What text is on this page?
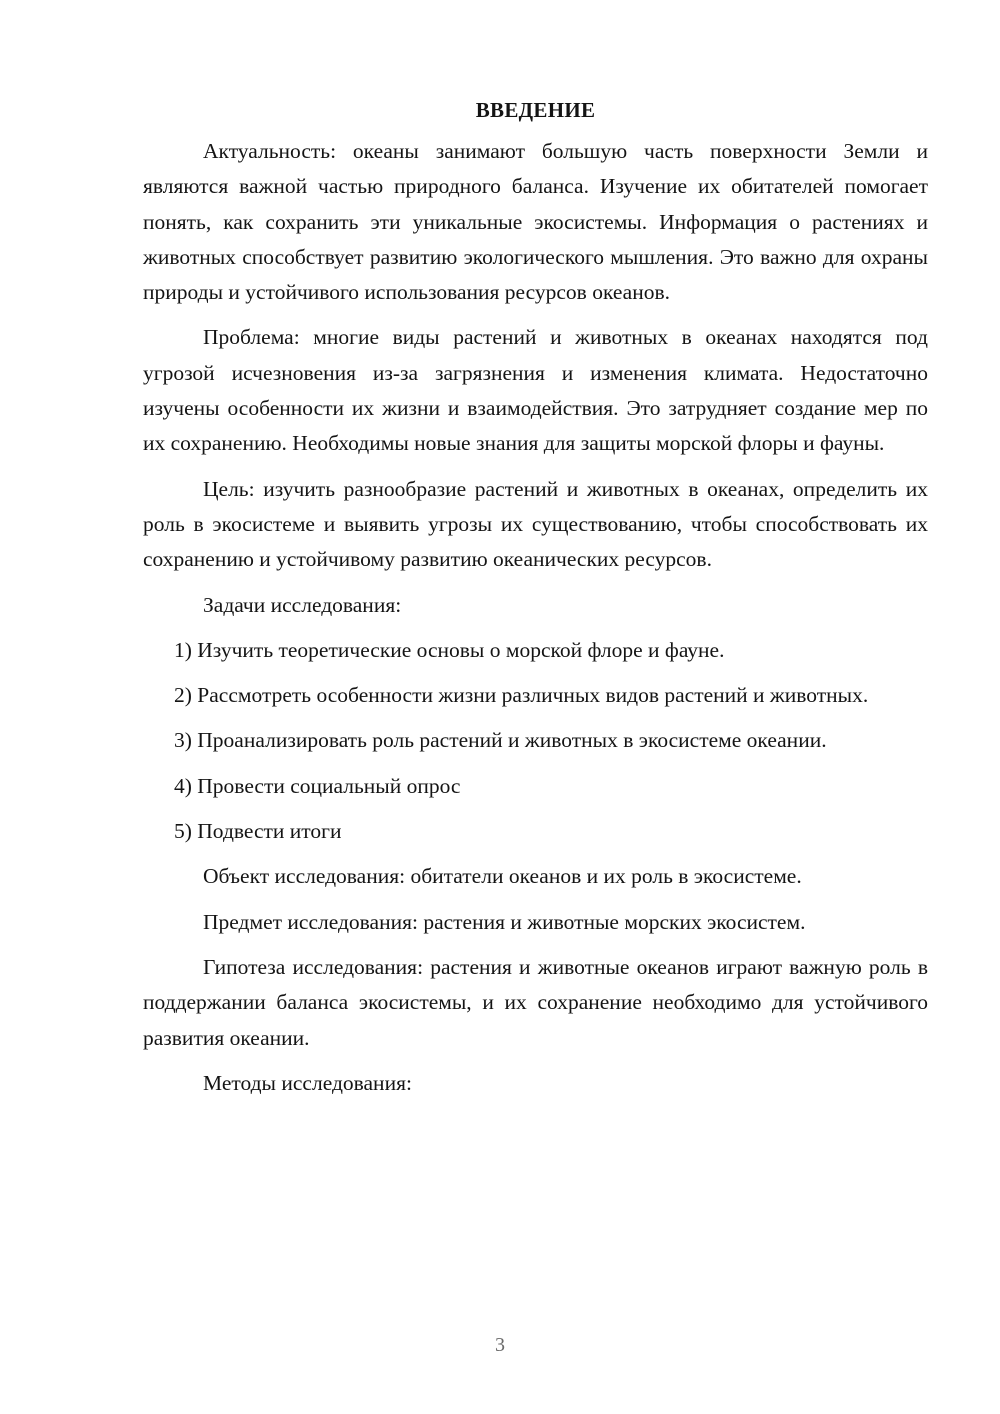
ВВЕДЕНИЕ

Актуальность: океаны занимают большую часть поверхности Земли и являются важной частью природного баланса. Изучение их обитателей помогает понять, как сохранить эти уникальные экосистемы. Информация о растениях и животных способствует развитию экологического мышления. Это важно для охраны природы и устойчивого использования ресурсов океанов.

Проблема: многие виды растений и животных в океанах находятся под угрозой исчезновения из-за загрязнения и изменения климата. Недостаточно изучены особенности их жизни и взаимодействия. Это затрудняет создание мер по их сохранению. Необходимы новые знания для защиты морской флоры и фауны.

Цель: изучить разнообразие растений и животных в океанах, определить их роль в экосистеме и выявить угрозы их существованию, чтобы способствовать их сохранению и устойчивому развитию океанических ресурсов.

Задачи исследования:

1) Изучить теоретические основы о морской флоре и фауне.

2) Рассмотреть особенности жизни различных видов растений и животных.

3) Проанализировать роль растений и животных в экосистеме океании.

4) Провести социальный опрос

5) Подвести итоги

Объект исследования: обитатели океанов и их роль в экосистеме.

Предмет исследования: растения и животные морских экосистем.

Гипотеза исследования: растения и животные океанов играют важную роль в поддержании баланса экосистемы, и их сохранение необходимо для устойчивого развития океании.

Методы исследования:

3
